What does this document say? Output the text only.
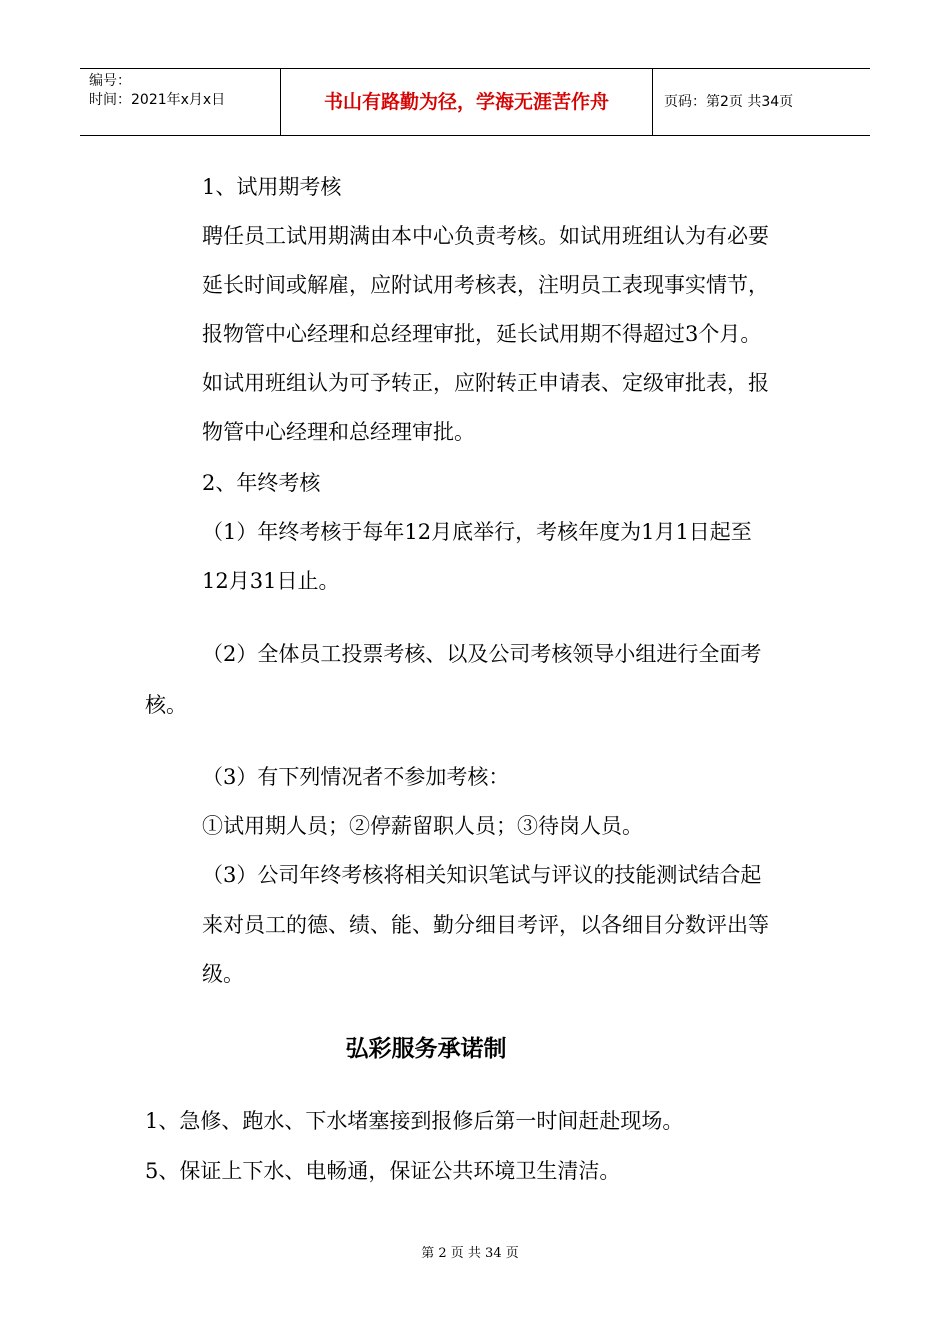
编号：
时间：2021年x月x日	书山有路勤为径，学海无涯苦作舟	页码：第2页 共34页
1、试用期考核
聘任员工试用期满由本中心负责考核。如试用班组认为有必要
延长时间或解雇，应附试用考核表，注明员工表现事实情节，
报物管中心经理和总经理审批，延长试用期不得超过3个月。
如试用班组认为可予转正，应附转正申请表、定级审批表，报
物管中心经理和总经理审批。
2、年终考核
（1）年终考核于每年12月底举行，考核年度为1月1日起至
12月31日止。
（2）全体员工投票考核、以及公司考核领导小组进行全面考
核。
（3）有下列情况者不参加考核：
①试用期人员；②停薪留职人员；③待岗人员。
（3）公司年终考核将相关知识笔试与评议的技能测试结合起
来对员工的德、绩、能、勤分细目考评，以各细目分数评出等
级。
弘彩服务承诺制
1、急修、跑水、下水堵塞接到报修后第一时间赶赴现场。
5、保证上下水、电畅通，保证公共环境卫生清洁。
第 2 页 共 34 页
